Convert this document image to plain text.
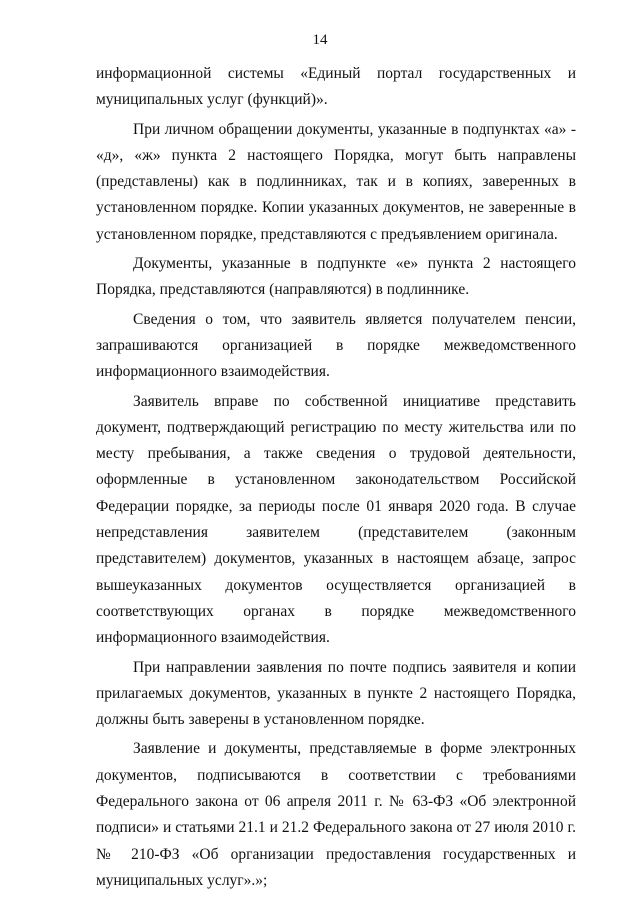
14

информационной системы «Единый портал государственных и муниципальных услуг (функций)».

При личном обращении документы, указанные в подпунктах «а» - «д», «ж» пункта 2 настоящего Порядка, могут быть направлены (представлены) как в подлинниках, так и в копиях, заверенных в установленном порядке. Копии указанных документов, не заверенные в установленном порядке, представляются с предъявлением оригинала.

Документы, указанные в подпункте «е» пункта 2 настоящего Порядка, представляются (направляются) в подлиннике.

Сведения о том, что заявитель является получателем пенсии, запрашиваются организацией в порядке межведомственного информационного взаимодействия.

Заявитель вправе по собственной инициативе представить документ, подтверждающий регистрацию по месту жительства или по месту пребывания, а также сведения о трудовой деятельности, оформленные в установленном законодательством Российской Федерации порядке, за периоды после 01 января 2020 года. В случае непредставления заявителем (представителем (законным представителем) документов, указанных в настоящем абзаце, запрос вышеуказанных документов осуществляется организацией в соответствующих органах в порядке межведомственного информационного взаимодействия.

При направлении заявления по почте подпись заявителя и копии прилагаемых документов, указанных в пункте 2 настоящего Порядка, должны быть заверены в установленном порядке.

Заявление и документы, представляемые в форме электронных документов, подписываются в соответствии с требованиями Федерального закона от 06 апреля 2011 г. № 63-ФЗ «Об электронной подписи» и статьями 21.1 и 21.2 Федерального закона от 27 июля 2010 г. № 210-ФЗ «Об организации предоставления государственных и муниципальных услуг».»;
